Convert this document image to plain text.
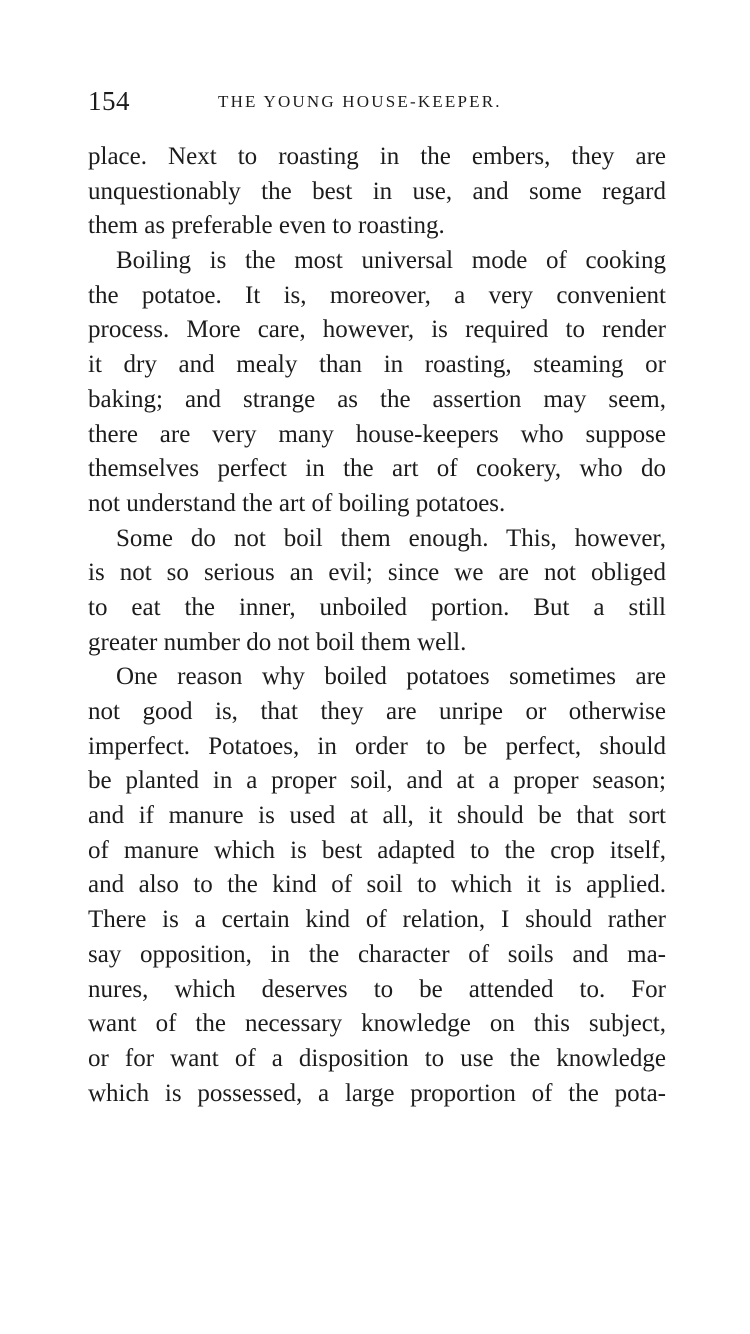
154	THE YOUNG HOUSE-KEEPER.
place. Next to roasting in the embers, they are
unquestionably the best in use, and some regard
them as preferable even to roasting.
Boiling is the most universal mode of cooking
the potatoe. It is, moreover, a very convenient
process. More care, however, is required to render
it dry and mealy than in roasting, steaming or
baking; and strange as the assertion may seem,
there are very many house-keepers who suppose
themselves perfect in the art of cookery, who do
not understand the art of boiling potatoes.
Some do not boil them enough. This, however,
is not so serious an evil; since we are not obliged
to eat the inner, unboiled portion. But a still
greater number do not boil them well.
One reason why boiled potatoes sometimes are
not good is, that they are unripe or otherwise
imperfect. Potatoes, in order to be perfect, should
be planted in a proper soil, and at a proper season;
and if manure is used at all, it should be that sort
of manure which is best adapted to the crop itself,
and also to the kind of soil to which it is applied.
There is a certain kind of relation, I should rather
say opposition, in the character of soils and ma-
nures, which deserves to be attended to. For
want of the necessary knowledge on this subject,
or for want of a disposition to use the knowledge
which is possessed, a large proportion of the pota-
